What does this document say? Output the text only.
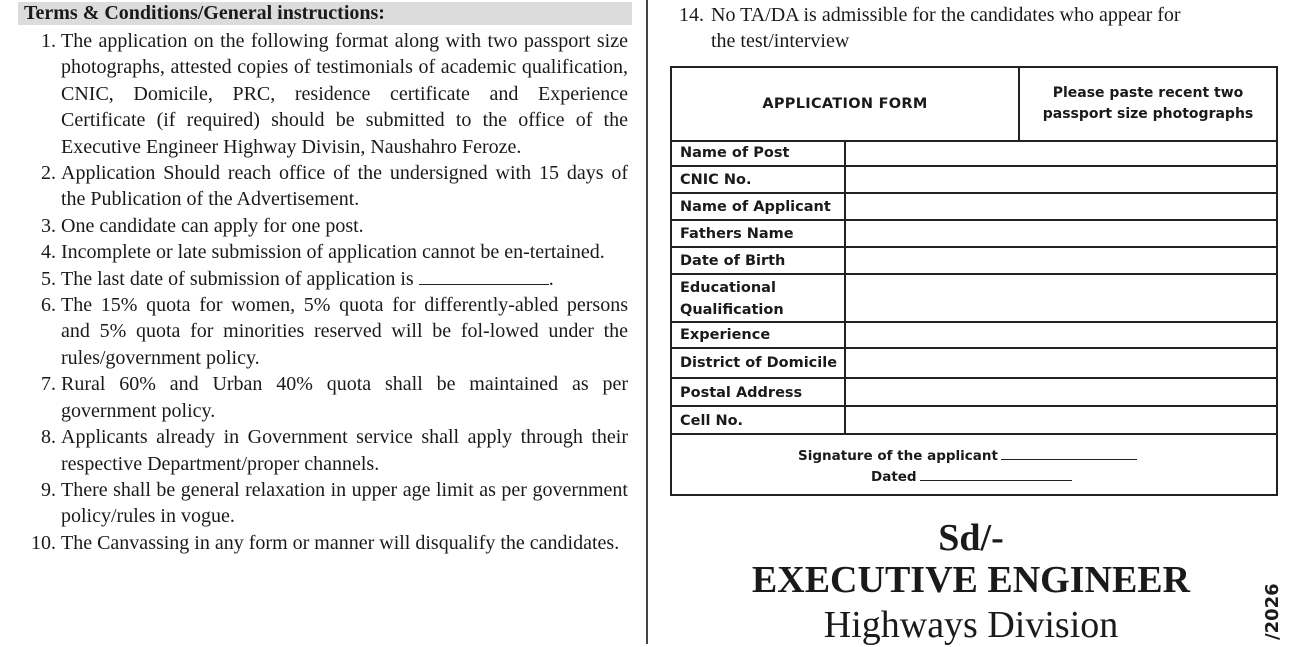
Terms & Conditions/General instructions:
1. The application on the following format along with two passport size photographs, attested copies of testimonials of academic qualification, CNIC, Domicile, PRC, residence certificate and Experience Certificate (if required) should be submitted to the office of the Executive Engineer Highway Divisin, Naushahro Feroze.
2. Application Should reach office of the undersigned with 15 days of the Publication of the Advertisement.
3. One candidate can apply for one post.
4. Incomplete or late submission of application cannot be en-tertained.
5. The last date of submission of application is	.
6. The 15% quota for women, 5% quota for differently-abled persons and 5% quota for minorities reserved will be fol-lowed under the rules/government policy.
7. Rural 60% and Urban 40% quota shall be maintained as per government policy.
8. Applicants already in Government service shall apply through their respective Department/proper channels.
9. There shall be general relaxation in upper age limit as per government policy/rules in vogue.
10. The Canvassing in any form or manner will disqualify the candidates.
14. No TA/DA is admissible for the candidates who appear for
the test/interview
APPLICATION FORM
Please paste recent two
passport size photographs
Name of Post
CNIC No.
Name of Applicant
Fathers Name
Date of Birth
Educational Qualification
Experience
District of Domicile
Postal Address
Cell No.
Signature of the applicant
Dated
Sd/-
EXECUTIVE ENGINEER
Highways Division	/2026
